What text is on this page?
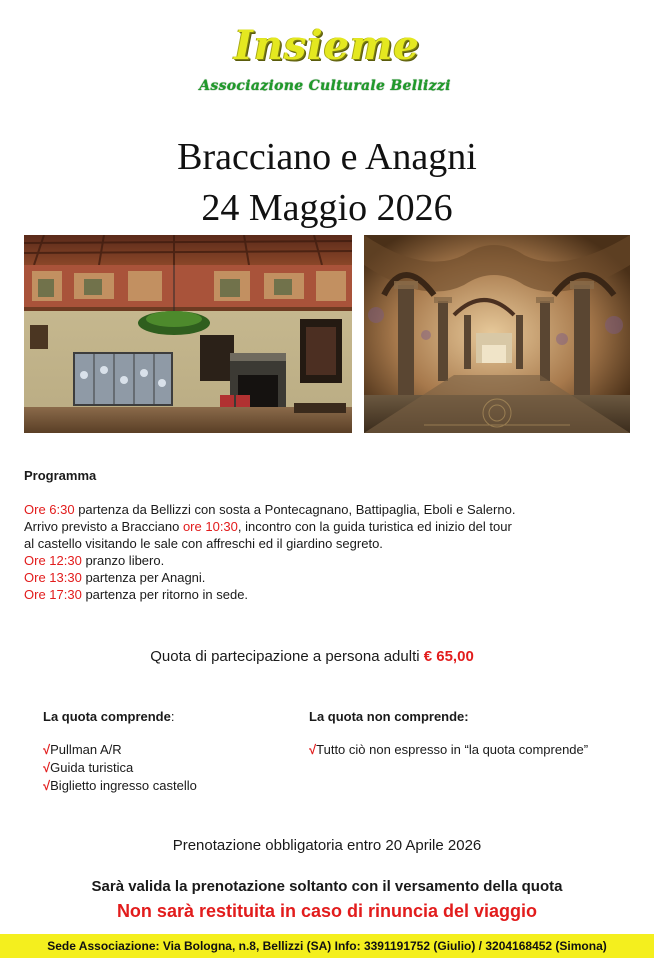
Insieme
Associazione Culturale Bellizzi
Bracciano e Anagni
24 Maggio 2026
Programma
Ore 6:30 partenza da Bellizzi con sosta a Pontecagnano, Battipaglia, Eboli e Salerno.
Arrivo previsto a Bracciano ore 10:30, incontro con la guida turistica ed inizio del tour
al castello visitando le sale con affreschi ed il giardino segreto.
Ore 12:30 pranzo libero.
Ore 13:30 partenza per Anagni.
Ore 17:30 partenza per ritorno in sede.
Quota di partecipazione a persona adulti € 65,00
La quota comprende:	La quota non comprende:
√Pullman A/R
√Guida turistica
√Biglietto ingresso castello
√Tutto ciò non espresso in “la quota comprende”
Prenotazione obbligatoria entro 20 Aprile 2026
Sarà valida la prenotazione soltanto con il versamento della quota
Non sarà restituita in caso di rinuncia del viaggio
Sede Associazione: Via Bologna, n.8, Bellizzi (SA) Info: 3391191752 (Giulio) / 3204168452 (Simona)
